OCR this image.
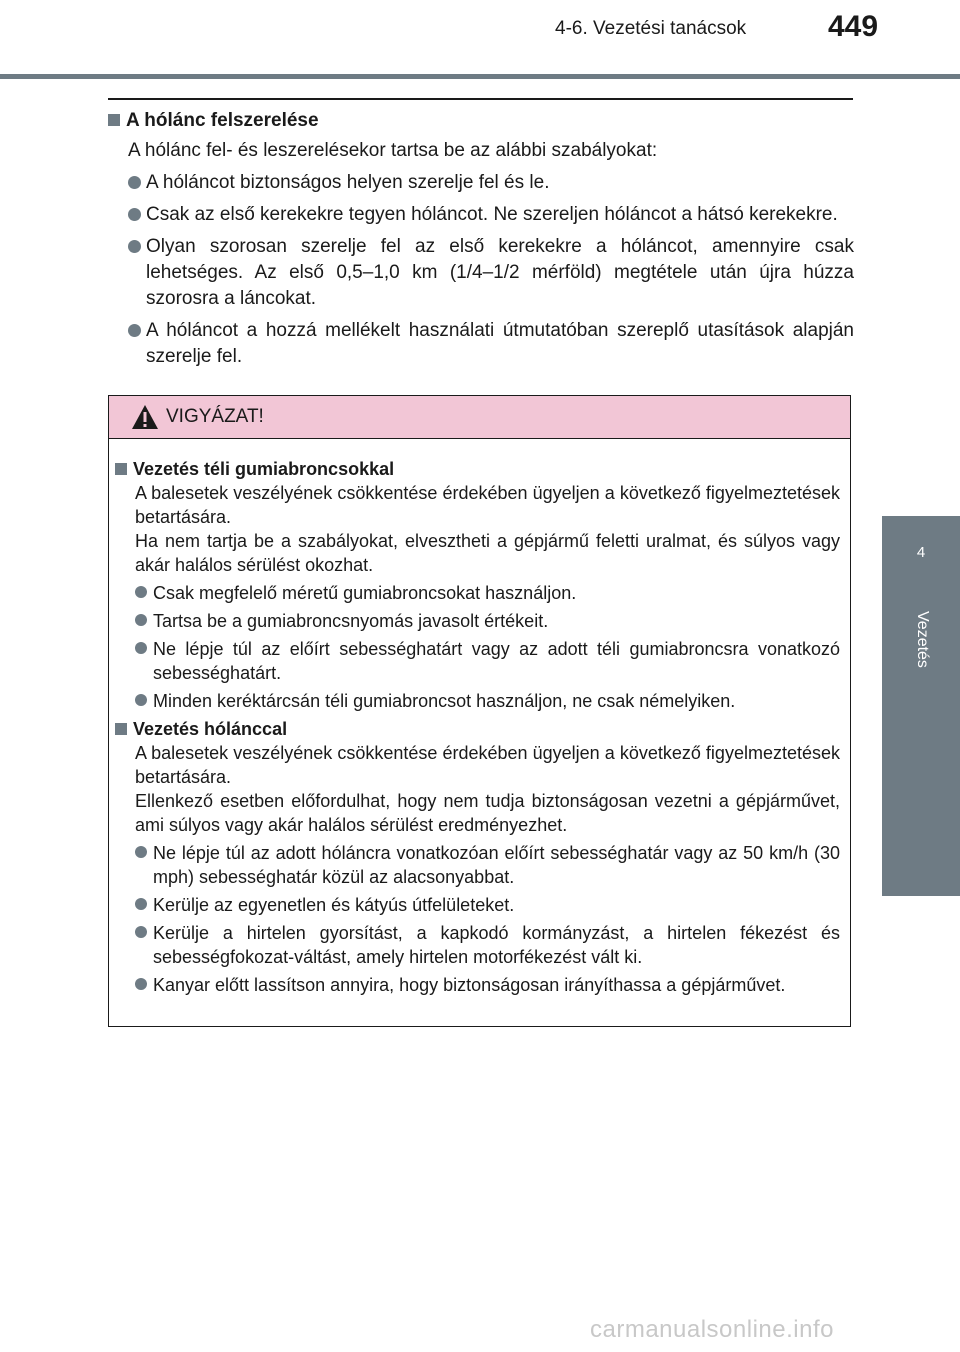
4-6. Vezetési tanácsok	449
4
Vezetés
A hólánc felszerelése
A hólánc fel- és leszerelésekor tartsa be az alábbi szabályokat:
A hóláncot biztonságos helyen szerelje fel és le.
Csak az első kerekekre tegyen hóláncot. Ne szereljen hóláncot a hátsó kerekekre.
Olyan szorosan szerelje fel az első kerekekre a hóláncot, amennyire csak lehetséges. Az első 0,5–1,0 km (1/4–1/2 mérföld) megtétele után újra húzza szorosra a láncokat.
A hóláncot a hozzá mellékelt használati útmutatóban szereplő utasítások alapján szerelje fel.
VIGYÁZAT!
Vezetés téli gumiabroncsokkal
A balesetek veszélyének csökkentése érdekében ügyeljen a következő figyelmeztetések betartására.
Ha nem tartja be a szabályokat, elvesztheti a gépjármű feletti uralmat, és súlyos vagy akár halálos sérülést okozhat.
Csak megfelelő méretű gumiabroncsokat használjon.
Tartsa be a gumiabroncsnyomás javasolt értékeit.
Ne lépje túl az előírt sebességhatárt vagy az adott téli gumiabroncsra vonatkozó sebességhatárt.
Minden keréktárcsán téli gumiabroncsot használjon, ne csak némelyiken.
Vezetés hólánccal
A balesetek veszélyének csökkentése érdekében ügyeljen a következő figyelmeztetések betartására.
Ellenkező esetben előfordulhat, hogy nem tudja biztonságosan vezetni a gépjárművet, ami súlyos vagy akár halálos sérülést eredményezhet.
Ne lépje túl az adott hóláncra vonatkozóan előírt sebességhatár vagy az 50 km/h (30 mph) sebességhatár közül az alacsonyabbat.
Kerülje az egyenetlen és kátyús útfelületeket.
Kerülje a hirtelen gyorsítást, a kapkodó kormányzást, a hirtelen fékezést és sebességfokozat-váltást, amely hirtelen motorfékezést vált ki.
Kanyar előtt lassítson annyira, hogy biztonságosan irányíthassa a gépjárművet.
carmanualsonline.info
